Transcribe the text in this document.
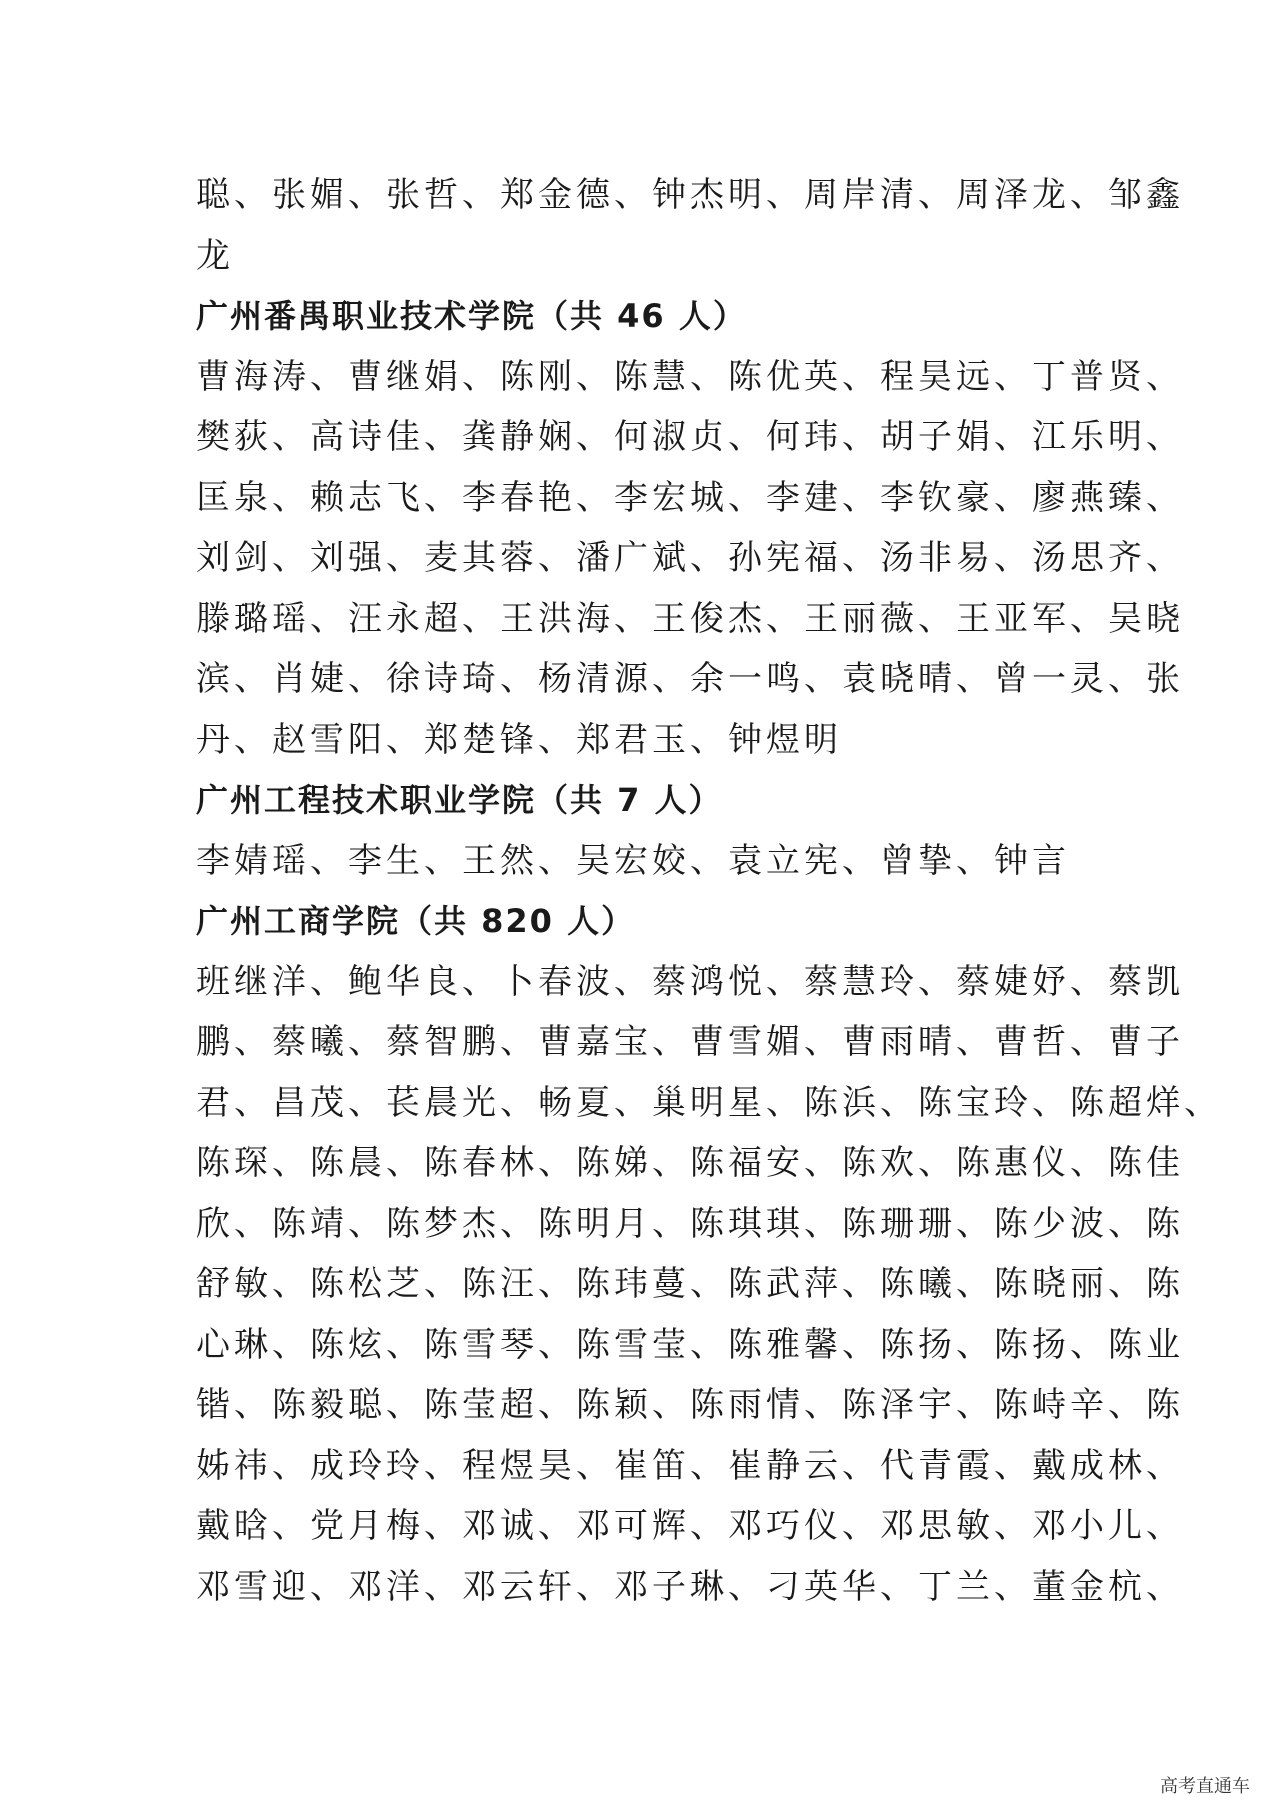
聪、张媚、张哲、郑金德、钟杰明、周岸清、周泽龙、邹鑫
龙
广州番禺职业技术学院（共 46 人）
曹海涛、曹继娟、陈刚、陈慧、陈优英、程昊远、丁普贤、
樊荻、高诗佳、龚静娴、何淑贞、何玮、胡子娟、江乐明、
匡泉、赖志飞、李春艳、李宏城、李建、李钦豪、廖燕臻、
刘剑、刘强、麦其蓉、潘广斌、孙宪福、汤非易、汤思齐、
滕璐瑶、汪永超、王洪海、王俊杰、王丽薇、王亚军、吴晓
滨、肖婕、徐诗琦、杨清源、余一鸣、袁晓晴、曾一灵、张
丹、赵雪阳、郑楚锋、郑君玉、钟煜明
广州工程技术职业学院（共 7 人）
李婧瑶、李生、王然、吴宏姣、袁立宪、曾挚、钟言
广州工商学院（共 820 人）
班继洋、鲍华良、卜春波、蔡鸿悦、蔡慧玲、蔡婕妤、蔡凯
鹏、蔡曦、蔡智鹏、曹嘉宝、曹雪媚、曹雨晴、曹哲、曹子
君、昌茂、苌晨光、畅夏、巢明星、陈浜、陈宝玲、陈超烊、
陈琛、陈晨、陈春林、陈娣、陈福安、陈欢、陈惠仪、陈佳
欣、陈靖、陈梦杰、陈明月、陈琪琪、陈珊珊、陈少波、陈
舒敏、陈松芝、陈汪、陈玮蔓、陈武萍、陈曦、陈晓丽、陈
心琳、陈炫、陈雪琴、陈雪莹、陈雅馨、陈扬、陈扬、陈业
锴、陈毅聪、陈莹超、陈颖、陈雨情、陈泽宇、陈峙辛、陈
姊祎、成玲玲、程煜昊、崔笛、崔静云、代青霞、戴成林、
戴晗、党月梅、邓诚、邓可辉、邓巧仪、邓思敏、邓小儿、
邓雪迎、邓洋、邓云轩、邓子琳、刁英华、丁兰、董金杭、
高考直通车
